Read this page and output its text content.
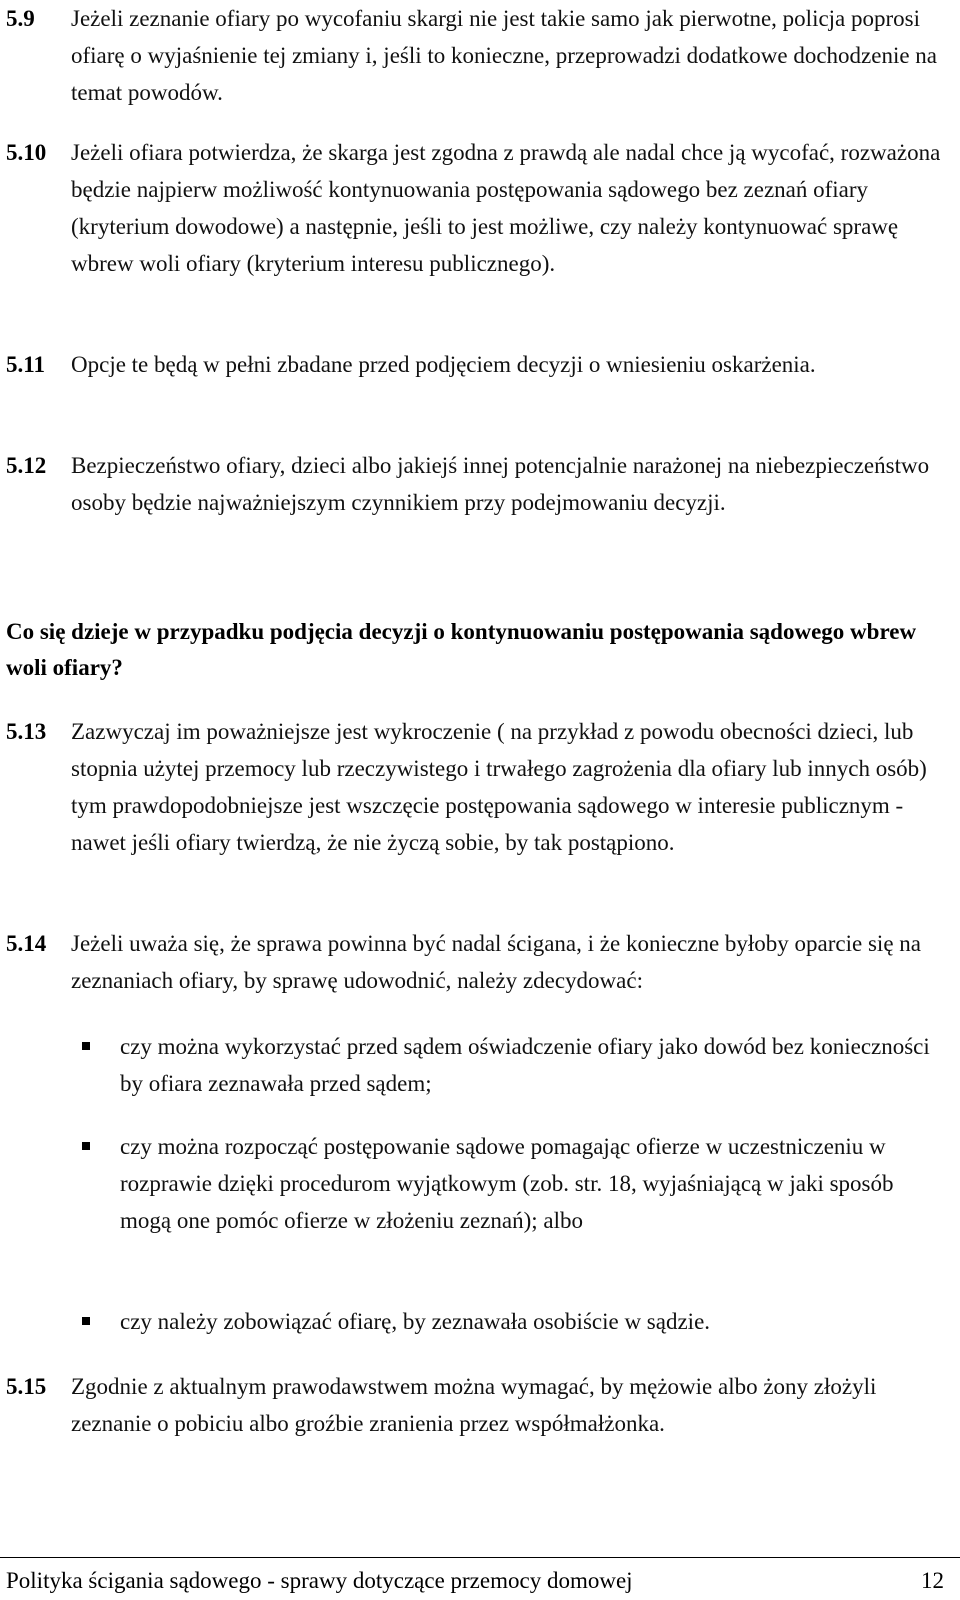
5.9 Jeżeli zeznanie ofiary po wycofaniu skargi nie jest takie samo jak pierwotne, policja poprosi ofiarę o wyjaśnienie tej zmiany i, jeśli to konieczne, przeprowadzi dodatkowe dochodzenie na temat powodów.
5.10 Jeżeli ofiara potwierdza, że skarga jest zgodna z prawdą ale nadal chce ją wycofać, rozważona będzie najpierw możliwość kontynuowania postępowania sądowego bez zeznań ofiary (kryterium dowodowe) a następnie, jeśli to jest możliwe, czy należy kontynuować sprawę wbrew woli ofiary (kryterium interesu publicznego).
5.11 Opcje te będą w pełni zbadane przed podjęciem decyzji o wniesieniu oskarżenia.
5.12 Bezpieczeństwo ofiary, dzieci albo jakiejś innej potencjalnie narażonej na niebezpieczeństwo osoby będzie najważniejszym czynnikiem przy podejmowaniu decyzji.
Co się dzieje w przypadku podjęcia decyzji o kontynuowaniu postępowania sądowego wbrew woli ofiary?
5.13 Zazwyczaj im poważniejsze jest wykroczenie ( na przykład z powodu obecności dzieci, lub stopnia użytej przemocy lub rzeczywistego i trwałego zagrożenia dla ofiary lub innych osób) tym prawdopodobniejsze jest wszczęcie postępowania sądowego w interesie publicznym - nawet jeśli ofiary twierdzą, że nie życzą sobie, by tak postąpiono.
5.14 Jeżeli uważa się, że sprawa powinna być nadal ścigana, i że konieczne byłoby oparcie się na zeznaniach ofiary, by sprawę udowodnić, należy zdecydować:
czy można wykorzystać przed sądem oświadczenie ofiary jako dowód bez konieczności by ofiara zeznawała przed sądem;
czy można rozpocząć postępowanie sądowe pomagając ofierze w uczestniczeniu w rozprawie dzięki procedurom wyjątkowym (zob. str. 18, wyjaśniającą w jaki sposób mogą one pomóc ofierze w złożeniu zeznań); albo
czy należy zobowiązać ofiarę, by zeznawała osobiście w sądzie.
5.15 Zgodnie z aktualnym prawodawstwem można wymagać, by mężowie albo żony złożyli zeznanie o pobiciu albo groźbie zranienia przez współmałżonka.
Polityka ścigania sądowego - sprawy dotyczące przemocy domowej	12
